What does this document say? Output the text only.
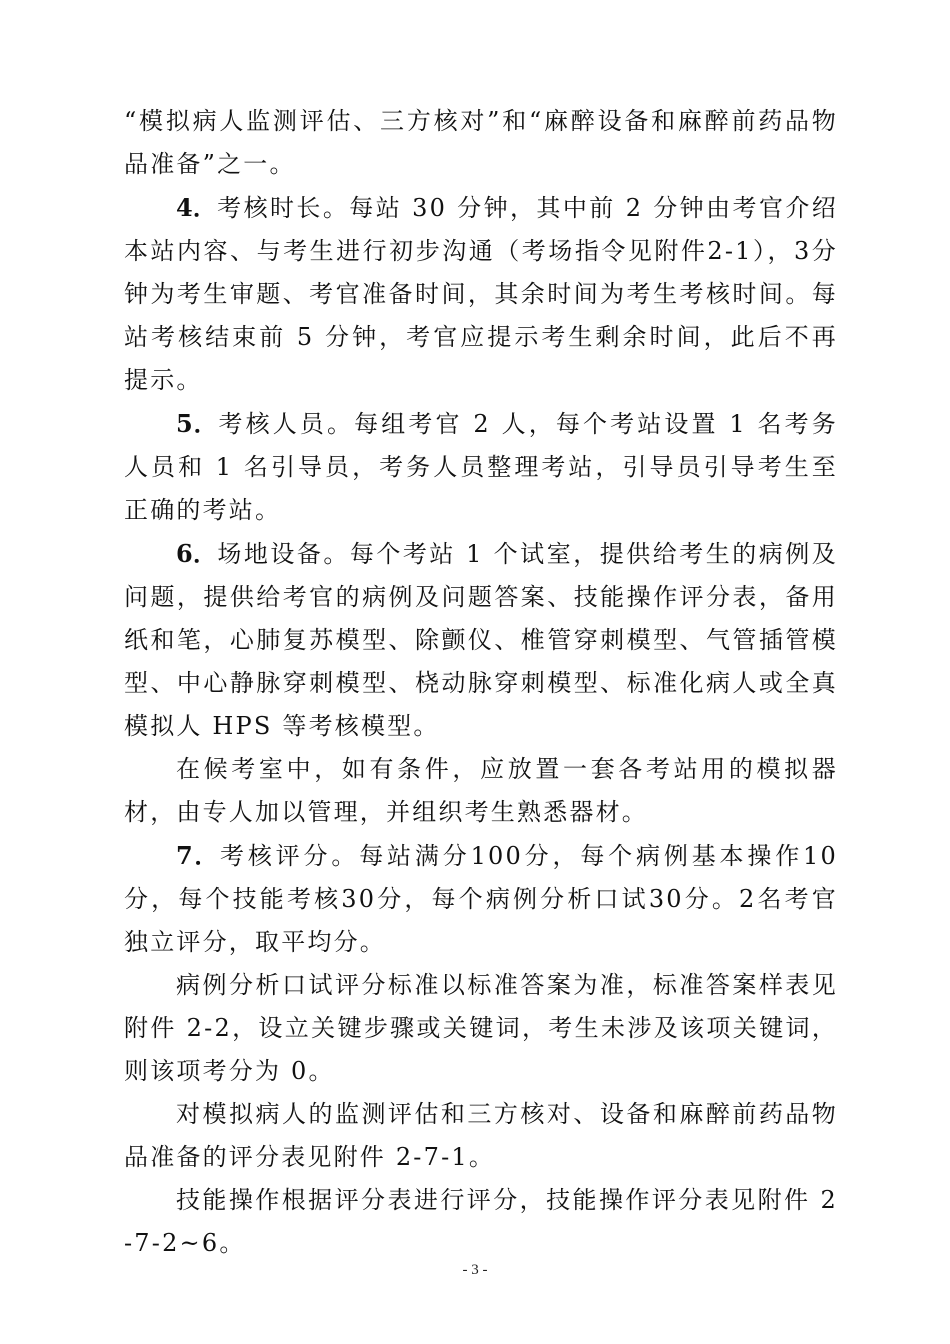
“模拟病人监测评估、三方核对”和“麻醉设备和麻醉前药品物品准备”之一。

4．考核时长。每站 30 分钟，其中前 2 分钟由考官介绍本站内容、与考生进行初步沟通（考场指令见附件2-1），3分钟为考生审题、考官准备时间，其余时间为考生考核时间。每站考核结束前 5 分钟，考官应提示考生剩余时间，此后不再提示。

5．考核人员。每组考官 2 人，每个考站设置 1 名考务人员和 1 名引导员，考务人员整理考站，引导员引导考生至正确的考站。

6．场地设备。每个考站 1 个试室，提供给考生的病例及问题，提供给考官的病例及问题答案、技能操作评分表，备用纸和笔，心肺复苏模型、除颤仪、椎管穿刺模型、气管插管模型、中心静脉穿刺模型、桡动脉穿刺模型、标准化病人或全真模拟人 HPS 等考核模型。

在候考室中，如有条件，应放置一套各考站用的模拟器材，由专人加以管理，并组织考生熟悉器材。

7．考核评分。每站满分100分，每个病例基本操作10分，每个技能考核30分，每个病例分析口试30分。2名考官独立评分，取平均分。

病例分析口试评分标准以标准答案为准，标准答案样表见附件 2-2，设立关键步骤或关键词，考生未涉及该项关键词，则该项考分为 0。

对模拟病人的监测评估和三方核对、设备和麻醉前药品物品准备的评分表见附件 2-7-1。

技能操作根据评分表进行评分，技能操作评分表见附件 2-7-2~6。

- 3 -
